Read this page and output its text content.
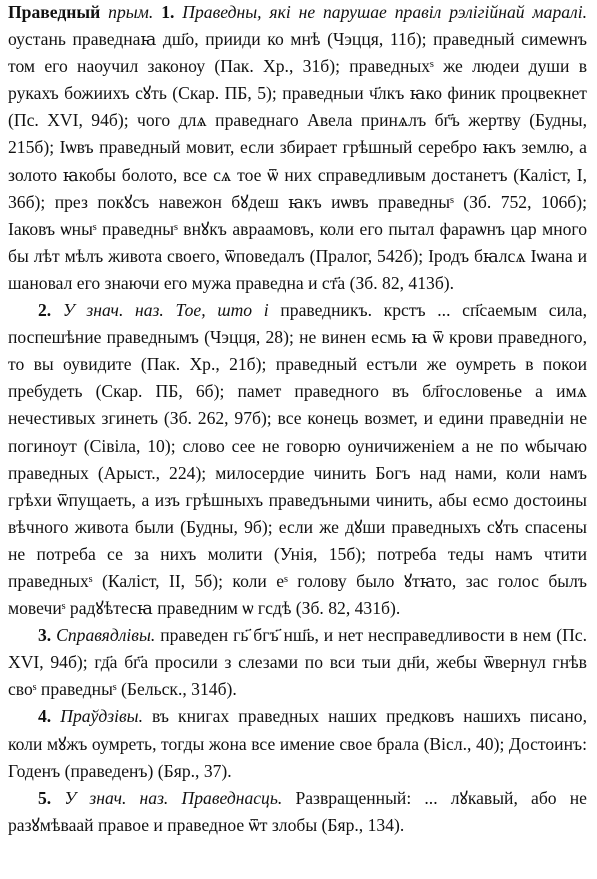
Праведный прым. 1. Праведны, які не парушае правіл рэлігійнай маралі. оустань праведнаꙗ дш҃о, прииди ко мнѣ (Чэцця, 11б); праведный симеѡнъ том его наоучил законоу (Пак. Хр., 31б); праведныхˢ же людеи души в рукахъ божиихъ сꙋть (Скар. ПБ, 5); праведныи ч҃лкъ ꙗко финик процвекнет (Пс. XVI, 94б); чого длѧ праведнаго Авела принѧлъ бг҃ъ жертву (Будны, 215б); Iѡвъ праведный мовит, если збирает грѣшный серебро ꙗкъ землю, а золото ꙗкобы болото, все сѧ тое ѿ них справедливым достанетъ (Каліст, I, 36б); през покꙋсъ навежон бꙋдеш ꙗкъ иѡвъ праведныˢ (Зб. 752, 106б); Iаковъ ѡныˢ праведныˢ внꙋкъ авраамовъ, коли его пытал фараѡнъ цар много бы лѣт мѣлъ живота своего, ѿповедалъ (Пралог, 542б); Iродъ бꙗлсѧ Iѡана и шановал его знаючи его мужа праведна и ст҃а (Зб. 82, 413б).

2. У знач. наз. Тое, што і праведникъ. крстъ ... сп҃саемым сила, поспешѣние праведнымъ (Чэцця, 28); не винен есмь ꙗ ѿ крови праведного, то вы оувидите (Пак. Хр., 21б); праведный естъли же оумреть в покои пребудеть (Скар. ПБ, 6б); памет праведного въ бл҃гословенье а имѧ нечестивых згинеть (Зб. 262, 97б); все конець возмет, и едини праведніи не погиноут (Сівіла, 10); слово сее не говорю оуничиженiем а не по ѡбычаю праведных (Арыст., 224); милосердие чинить Богъ над нами, коли намъ грѣхи ѿпущаеть, а изъ грѣшныхъ праведъными чинить, абы есмо достоины вѣчного живота были (Будны, 9б); если же дꙋши праведныхъ сꙋть спасены не потреба се за нихъ молити (Унія, 15б); потреба теды намъ чтити праведныхˢ (Каліст, II, 5б); коли еˢ голову было ꙋтꙗто, зас голос былъ мовечиˢ радꙋѣтесꙗ праведним ѡ гсдѣ (Зб. 82, 431б).

3. Справядлівы. праведен гь҃ бгъ҃ нш҃ь, и нет несправедливости в нем (Пс. XVI, 94б); гд҃а бг҃а просили з слезами по вси тыи дн҃и, жебы ѿвернул гнѣв своˢ праведныˢ (Бельск., 314б).

4. Праўдзівы. въ книгах праведных наших предковъ нашихъ писано, коли мꙋжъ оумреть, тогды жона все имение свое брала (Вісл., 40); Достоинъ: Годенъ (праведенъ) (Бяр., 37).

5. У знач. наз. Праведнасць. Развращенный: ... лꙋкавый, або не разꙋмѣваай правое и праведное ѿт злобы (Бяр., 134).
